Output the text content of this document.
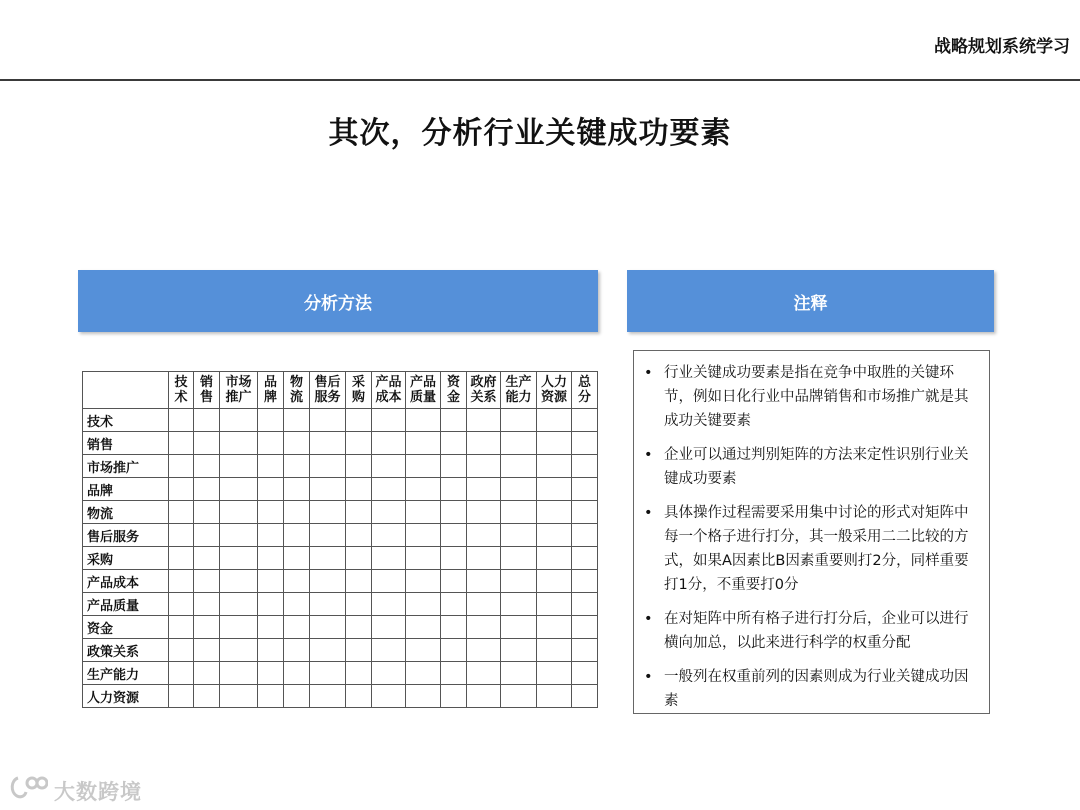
战略规划系统学习
其次，分析行业关键成功要素
分析方法	注释
	技术	销售	市场推广	品牌	物流	售后服务	采购	产品成本	产品质量	资金	政府关系	生产能力	人力资源	总分
技术														
销售														
市场推广														
品牌														
物流														
售后服务														
采购														
产品成本														
产品质量														
资金														
政策关系														
生产能力														
人力资源														
• 行业关键成功要素是指在竞争中取胜的关键环节，例如日化行业中品牌销售和市场推广就是其成功关键要素
• 企业可以通过判别矩阵的方法来定性识别行业关键成功要素
• 具体操作过程需要采用集中讨论的形式对矩阵中每一个格子进行打分，其一般采用二二比较的方式，如果A因素比B因素重要则打2分，同样重要打1分，不重要打0分
• 在对矩阵中所有格子进行打分后，企业可以进行横向加总，以此来进行科学的权重分配
• 一般列在权重前列的因素则成为行业关键成功因素
大数跨境
